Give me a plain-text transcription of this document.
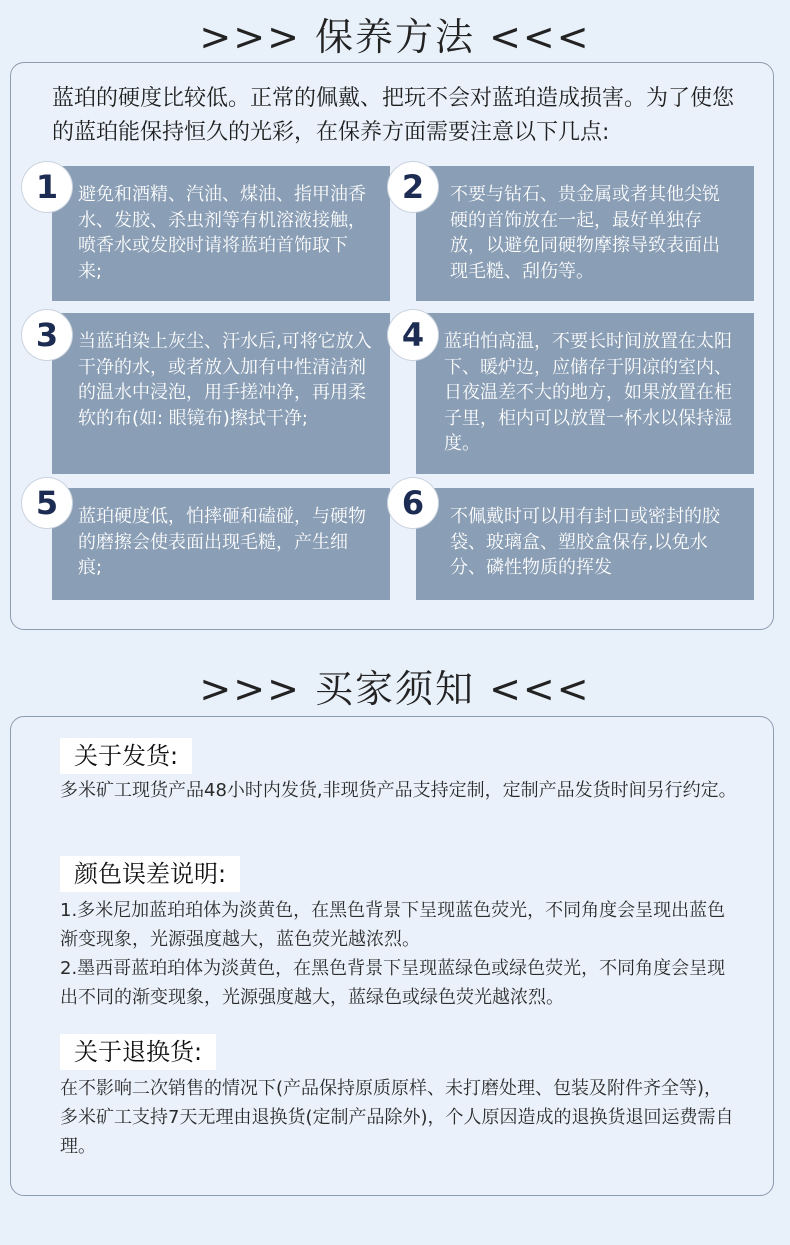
>>> 保养方法 <<<
蓝珀的硬度比较低。正常的佩戴、把玩不会对蓝珀造成损害。为了使您的蓝珀能保持恒久的光彩，在保养方面需要注意以下几点:
避免和酒精、汽油、煤油、指甲油香水、发胶、杀虫剂等有机溶液接触，喷香水或发胶时请将蓝珀首饰取下来;
1	不要与钻石、贵金属或者其他尖锐硬的首饰放在一起，最好单独存放，以避免同硬物摩擦导致表面出现毛糙、刮伤等。
2
当蓝珀染上灰尘、汗水后,可将它放入干净的水，或者放入加有中性清洁剂的温水中浸泡，用手搓冲净，再用柔软的布(如: 眼镜布)擦拭干净;
3	蓝珀怕高温，不要长时间放置在太阳下、暖炉边，应储存于阴凉的室内、日夜温差不大的地方，如果放置在柜子里，柜内可以放置一杯水以保持湿度。
4
蓝珀硬度低，怕摔砸和磕碰，与硬物的磨擦会使表面出现毛糙，产生细痕;
5	不佩戴时可以用有封口或密封的胶袋、玻璃盒、塑胶盒保存,以免水分、磷性物质的挥发
6
>>> 买家须知 <<<
关于发货:
多米矿工现货产品48小时内发货,非现货产品支持定制，定制产品发货时间另行约定。
颜色误差说明:
1.多米尼加蓝珀珀体为淡黄色，在黑色背景下呈现蓝色荧光，不同角度会呈现出蓝色渐变现象，光源强度越大，蓝色荧光越浓烈。
2.墨西哥蓝珀珀体为淡黄色，在黑色背景下呈现蓝绿色或绿色荧光，不同角度会呈现出不同的渐变现象，光源强度越大，蓝绿色或绿色荧光越浓烈。
关于退换货:
在不影响二次销售的情况下(产品保持原质原样、未打磨处理、包装及附件齐全等)，多米矿工支持7天无理由退换货(定制产品除外)，个人原因造成的退换货退回运费需自理。
